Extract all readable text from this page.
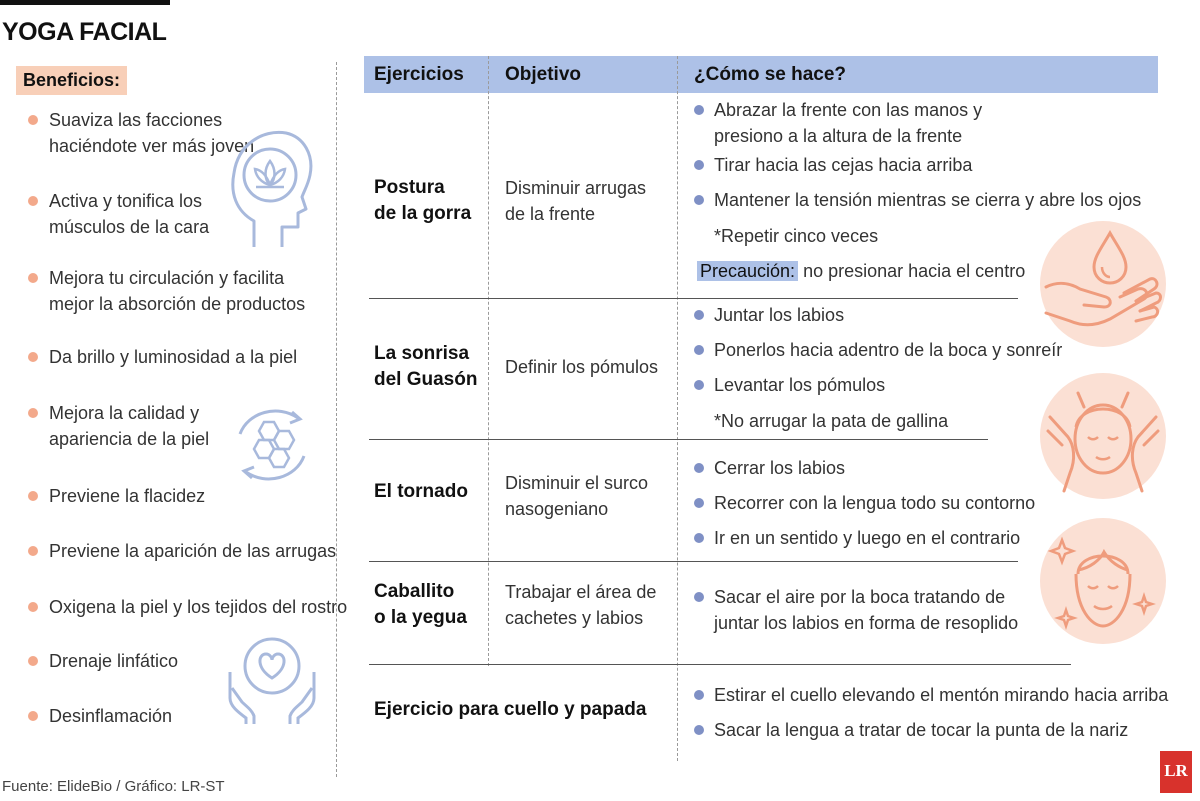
YOGA FACIAL
Beneficios:
Suaviza las facciones
haciéndote ver más joven
Activa y tonifica los
músculos de la cara
Mejora tu circulación y facilita
mejor la absorción de productos
Da brillo y luminosidad a la piel
Mejora la calidad y
apariencia de la piel
Previene la flacidez
Previene la aparición de las arrugas
Oxigena la piel y los tejidos del rostro
Drenaje linfático
Desinflamación
Fuente: ElideBio / Gráfico: LR-ST
Ejercicios Objetivo	¿Cómo se hace?
Postura
de la gorra
Disminuir arrugas
de la frente
Abrazar la frente con las manos y
presiono a la altura de la frente
Tirar hacia las cejas hacia arriba
Mantener la tensión mientras se cierra y abre los ojos
*Repetir cinco veces
Precaución: no presionar hacia el centro
La sonrisa
del Guasón
Definir los pómulos
Juntar los labios
Ponerlos hacia adentro de la boca y sonreír
Levantar los pómulos
*No arrugar la pata de gallina
El tornado Disminuir el surco
nasogeniano
Cerrar los labios
Recorrer con la lengua todo su contorno
Ir en un sentido y luego en el contrario
Caballito
o la yegua
Trabajar el área de
cachetes y labios
Sacar el aire por la boca tratando de
juntar los labios en forma de resoplido
Ejercicio para cuello y papada
Estirar el cuello elevando el mentón mirando hacia arriba
Sacar la lengua a tratar de tocar la punta de la nariz
LR
